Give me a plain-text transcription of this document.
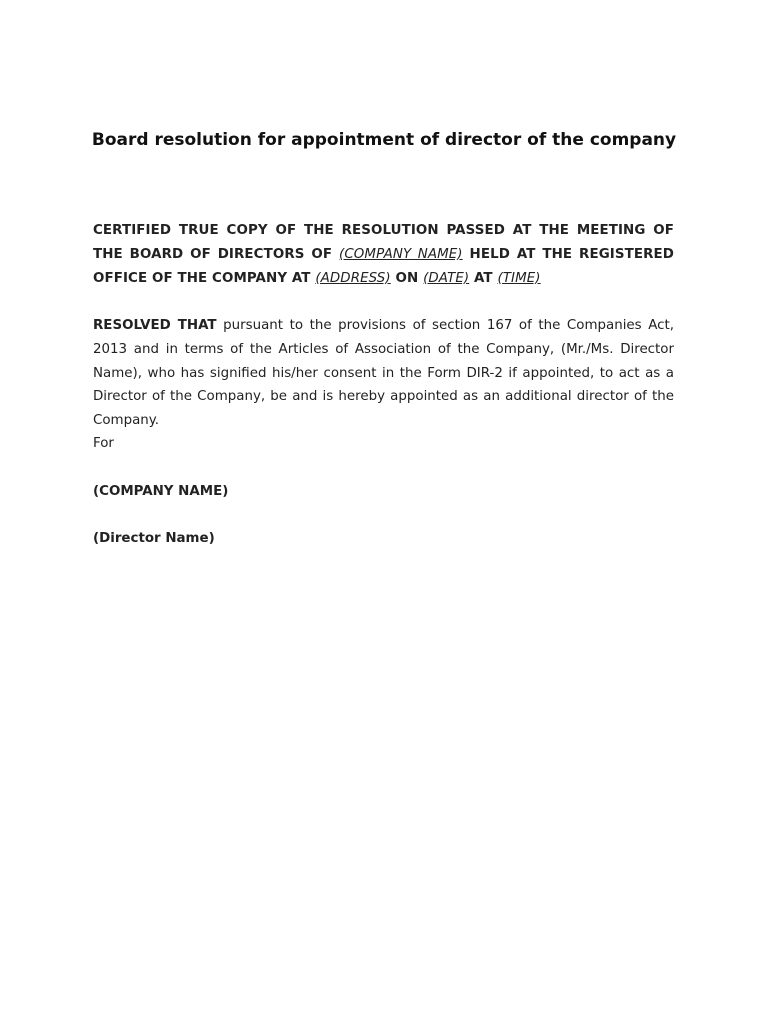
Board resolution for appointment of director of the company
CERTIFIED TRUE COPY OF THE RESOLUTION PASSED AT THE MEETING OF THE BOARD OF DIRECTORS OF (COMPANY NAME) HELD AT THE REGISTERED OFFICE OF THE COMPANY AT (ADDRESS) ON (DATE) AT (TIME)
RESOLVED THAT pursuant to the provisions of section 167 of the Companies Act, 2013 and in terms of the Articles of Association of the Company, (Mr./Ms. Director Name), who has signified his/her consent in the Form DIR-2 if appointed, to act as a Director of the Company, be and is hereby appointed as an additional director of the Company.
For
(COMPANY NAME)
(Director Name)
